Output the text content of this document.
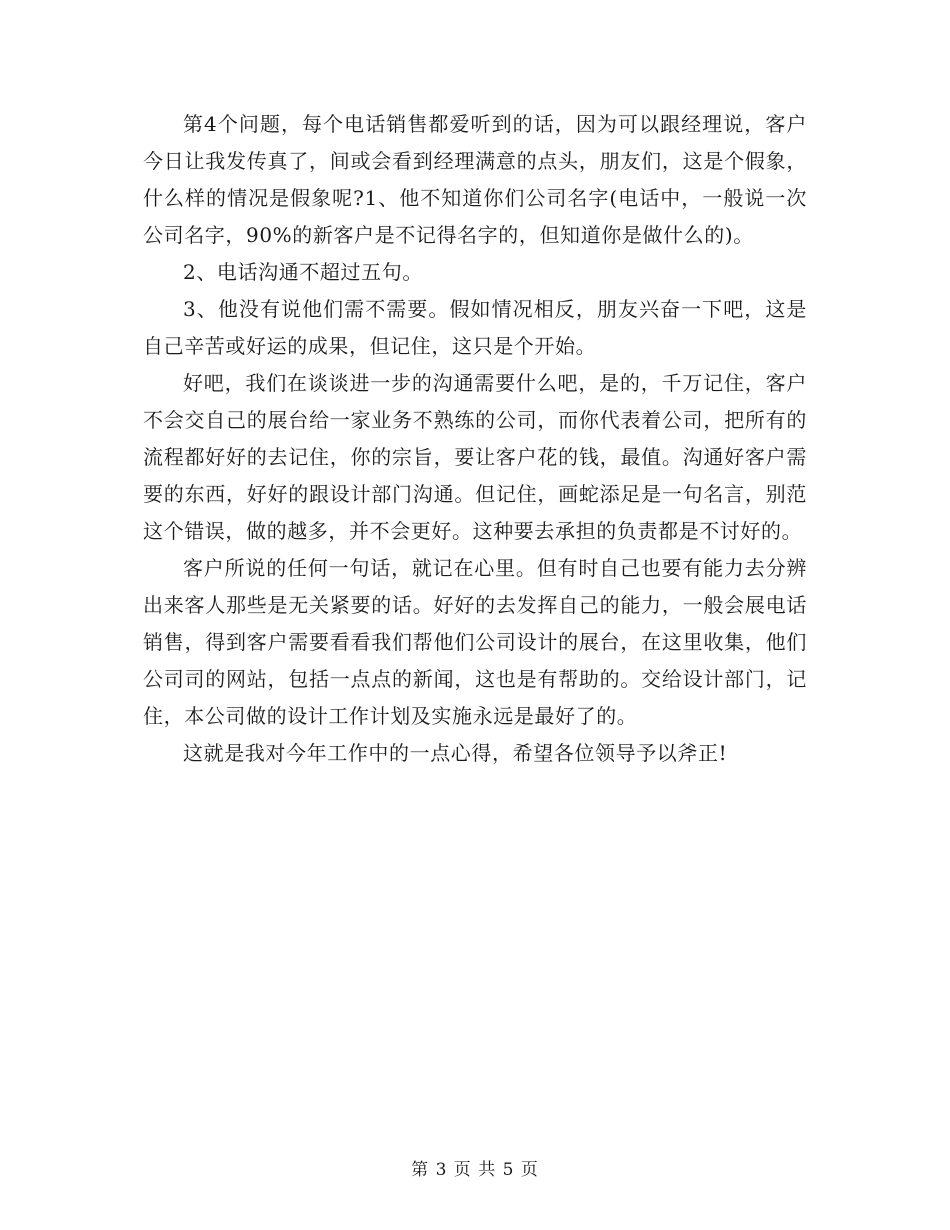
第4个问题，每个电话销售都爱听到的话，因为可以跟经理说，客户今日让我发传真了，间或会看到经理满意的点头，朋友们，这是个假象，什么样的情况是假象呢?1、他不知道你们公司名字(电话中，一般说一次公司名字，90%的新客户是不记得名字的，但知道你是做什么的)。

2、电话沟通不超过五句。

3、他没有说他们需不需要。假如情况相反，朋友兴奋一下吧，这是自己辛苦或好运的成果，但记住，这只是个开始。

好吧，我们在谈谈进一步的沟通需要什么吧，是的，千万记住，客户不会交自己的展台给一家业务不熟练的公司，而你代表着公司，把所有的流程都好好的去记住，你的宗旨，要让客户花的钱，最值。沟通好客户需要的东西，好好的跟设计部门沟通。但记住，画蛇添足是一句名言，别范这个错误，做的越多，并不会更好。这种要去承担的负责都是不讨好的。

客户所说的任何一句话，就记在心里。但有时自己也要有能力去分辨出来客人那些是无关紧要的话。好好的去发挥自己的能力，一般会展电话销售，得到客户需要看看我们帮他们公司设计的展台，在这里收集，他们公司司的网站，包括一点点的新闻，这也是有帮助的。交给设计部门，记住，本公司做的设计工作计划及实施永远是最好了的。

这就是我对今年工作中的一点心得，希望各位领导予以斧正!

第 3 页 共 5 页
